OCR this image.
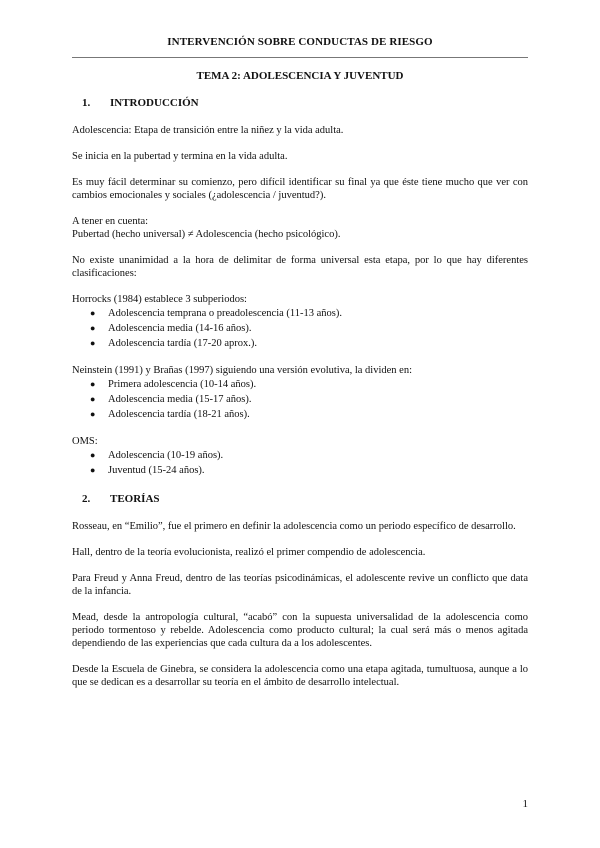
INTERVENCIÓN SOBRE CONDUCTAS DE RIESGO
TEMA 2: ADOLESCENCIA Y JUVENTUD
1.	INTRODUCCIÓN

Adolescencia: Etapa de transición entre la niñez y la vida adulta.

Se inicia en la pubertad y termina en la vida adulta.

Es muy fácil determinar su comienzo, pero difícil identificar su final ya que éste tiene mucho que ver con cambios emocionales y sociales (¿adolescencia / juventud?).

A tener en cuenta:

Pubertad (hecho universal) ≠ Adolescencia (hecho psicológico).

No existe unanimidad a la hora de delimitar de forma universal esta etapa, por lo que hay diferentes clasificaciones:

Horrocks (1984) establece 3 subperiodos:

● Adolescencia temprana o preadolescencia (11-13 años).
● Adolescencia media (14-16 años).
● Adolescencia tardía (17-20 aprox.).

Neinstein (1991) y Brañas (1997) siguiendo una versión evolutiva, la dividen en:

● Primera adolescencia (10-14 años).
● Adolescencia media (15-17 años).
● Adolescencia tardía (18-21 años).

OMS:

● Adolescencia (10-19 años).
● Juventud (15-24 años).
2.	TEORÍAS

Rosseau, en “Emilio”, fue el primero en definir la adolescencia como un periodo específico de desarrollo.

Hall, dentro de la teoría evolucionista, realizó el primer compendio de adolescencia.

Para Freud y Anna Freud, dentro de las teorías psicodinámicas, el adolescente revive un conflicto que data de la infancia.

Mead, desde la antropología cultural, “acabó” con la supuesta universalidad de la adolescencia como periodo tormentoso y rebelde. Adolescencia como producto cultural; la cual será más o menos agitada dependiendo de las experiencias que cada cultura da a los adolescentes.

Desde la Escuela de Ginebra, se considera la adolescencia como una etapa agitada, tumultuosa, aunque a lo que se dedican es a desarrollar su teoría en el ámbito de desarrollo intelectual.

1
